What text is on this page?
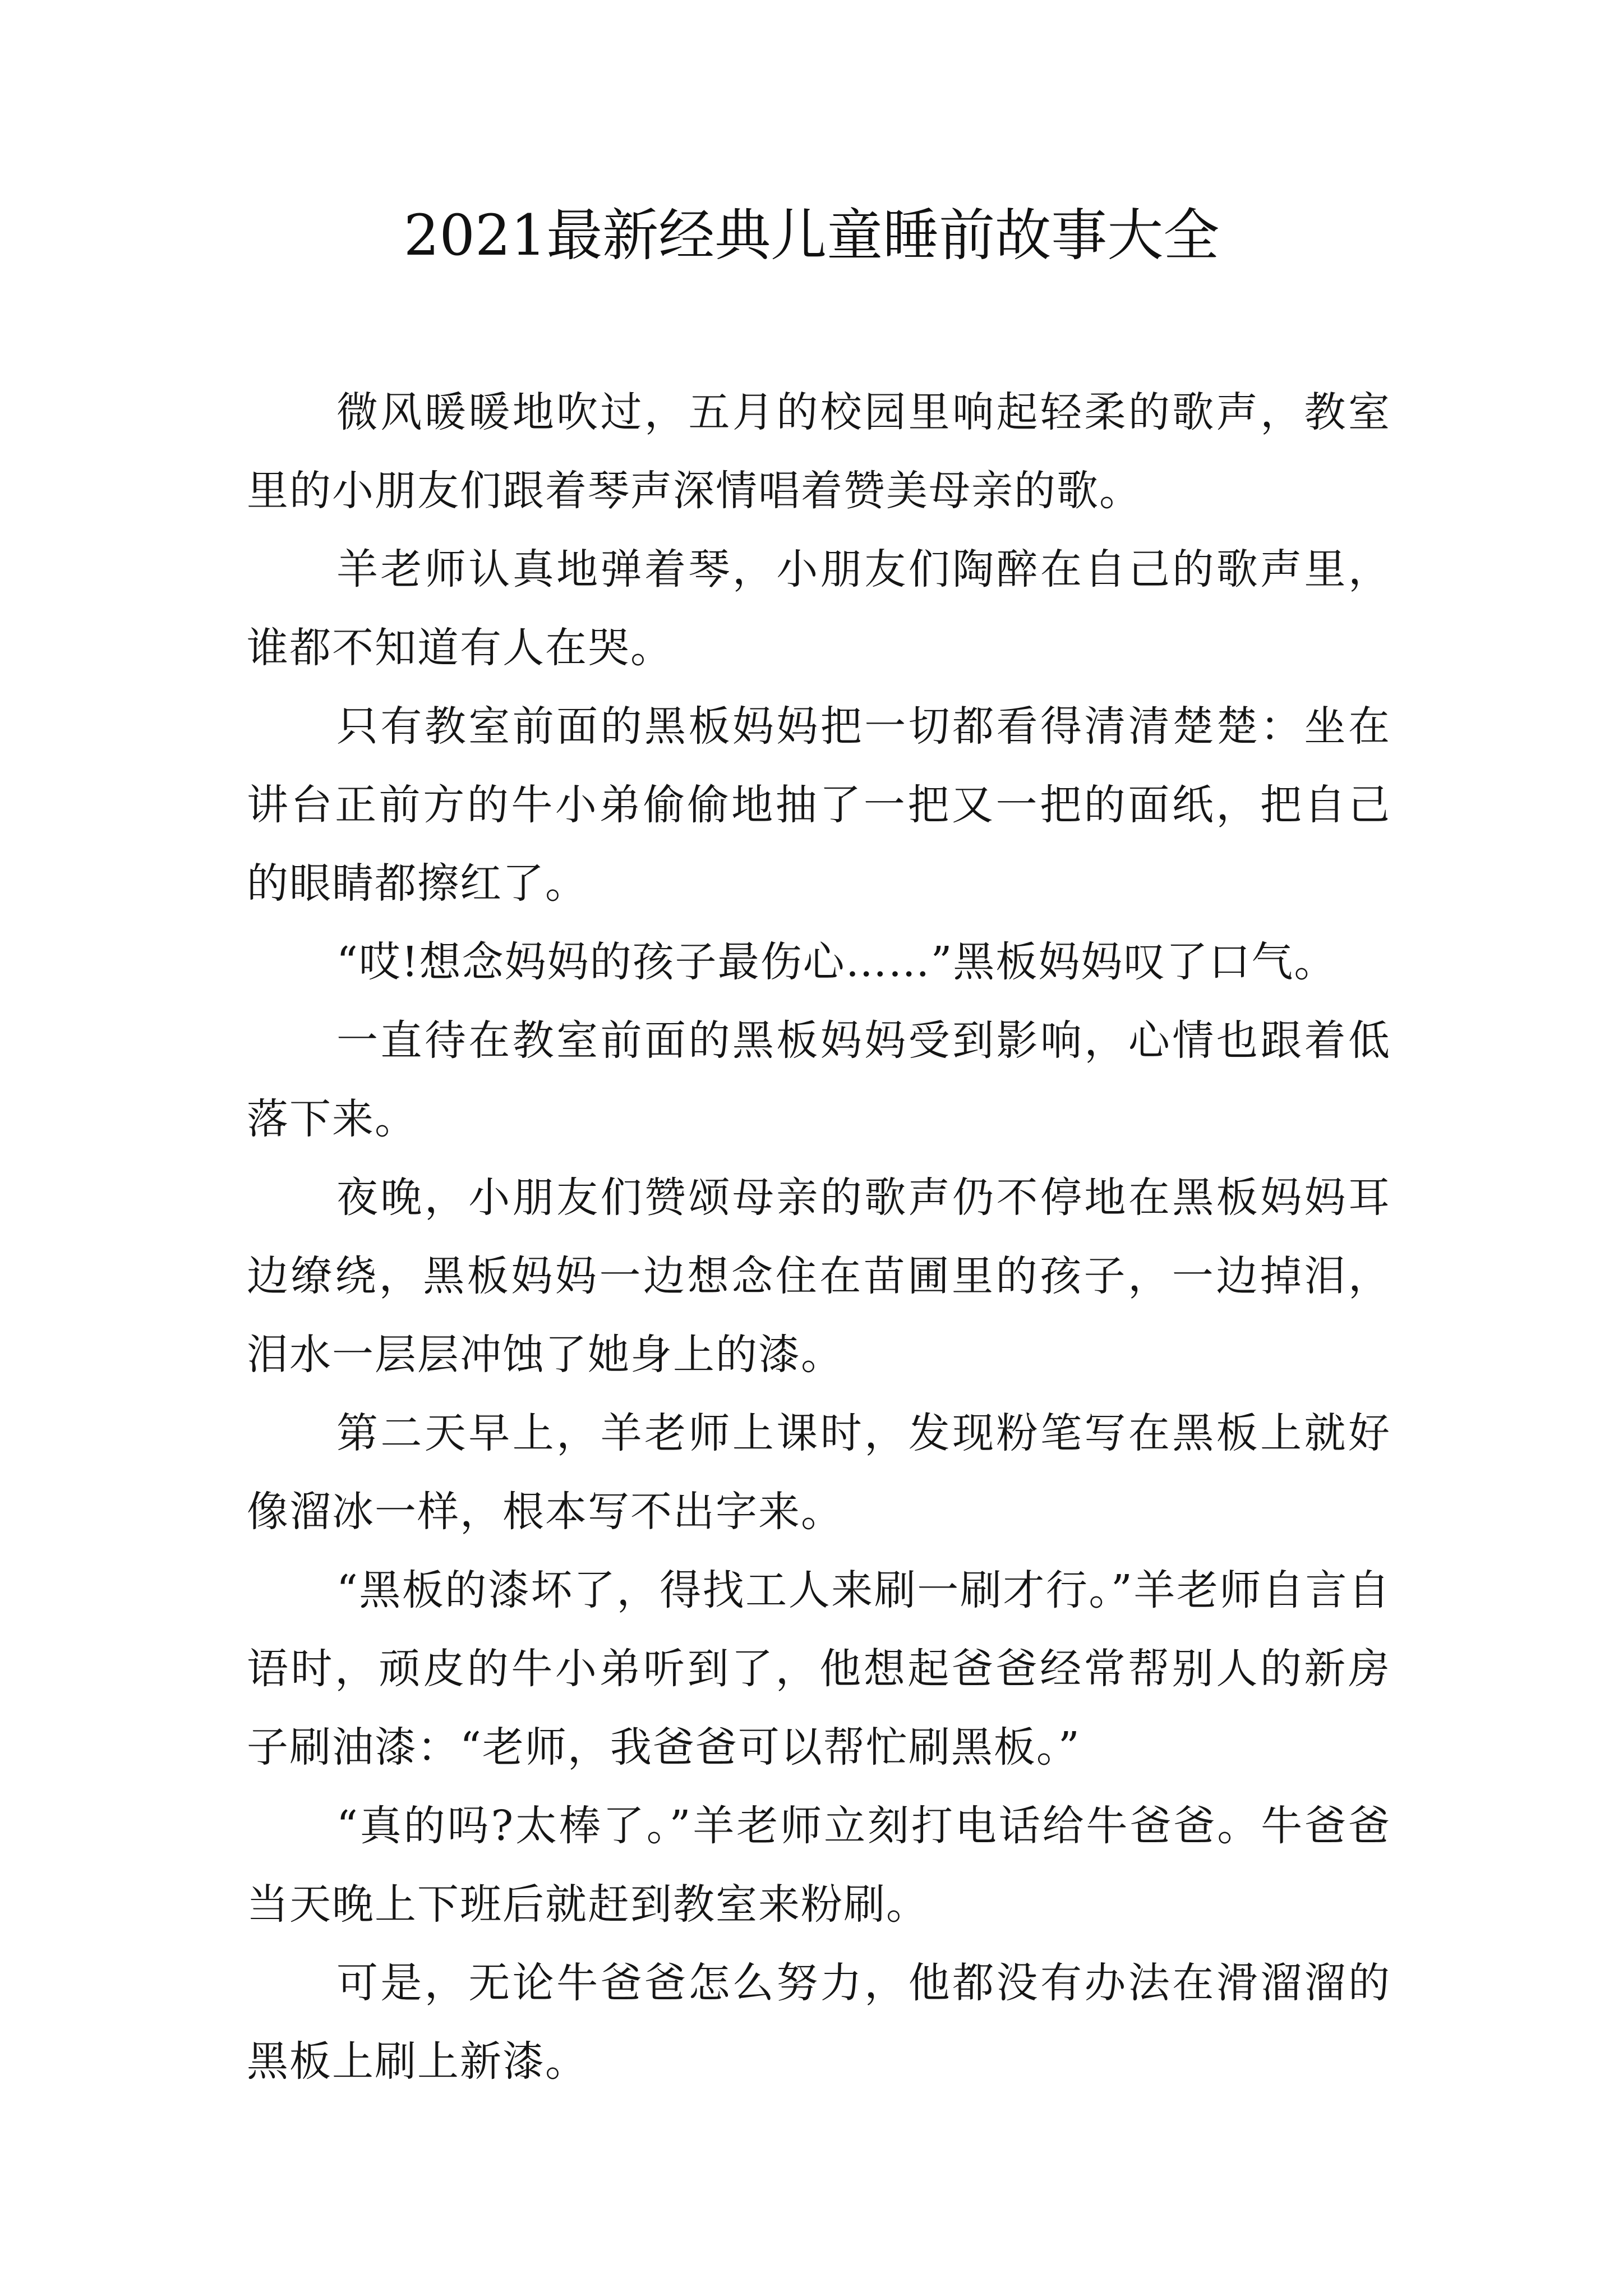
2021最新经典儿童睡前故事大全

微风暖暖地吹过，五月的校园里响起轻柔的歌声，教室里的小朋友们跟着琴声深情唱着赞美母亲的歌。

羊老师认真地弹着琴，小朋友们陶醉在自己的歌声里，谁都不知道有人在哭。

只有教室前面的黑板妈妈把一切都看得清清楚楚：坐在讲台正前方的牛小弟偷偷地抽了一把又一把的面纸，把自己的眼睛都擦红了。

“哎!想念妈妈的孩子最伤心……”黑板妈妈叹了口气。

一直待在教室前面的黑板妈妈受到影响，心情也跟着低落下来。

夜晚，小朋友们赞颂母亲的歌声仍不停地在黑板妈妈耳边缭绕，黑板妈妈一边想念住在苗圃里的孩子，一边掉泪，泪水一层层冲蚀了她身上的漆。

第二天早上，羊老师上课时，发现粉笔写在黑板上就好像溜冰一样，根本写不出字来。

“黑板的漆坏了，得找工人来刷一刷才行。”羊老师自言自语时，顽皮的牛小弟听到了，他想起爸爸经常帮别人的新房子刷油漆：“老师，我爸爸可以帮忙刷黑板。”

“真的吗?太棒了。”羊老师立刻打电话给牛爸爸。牛爸爸当天晚上下班后就赶到教室来粉刷。

可是，无论牛爸爸怎么努力，他都没有办法在滑溜溜的黑板上刷上新漆。
